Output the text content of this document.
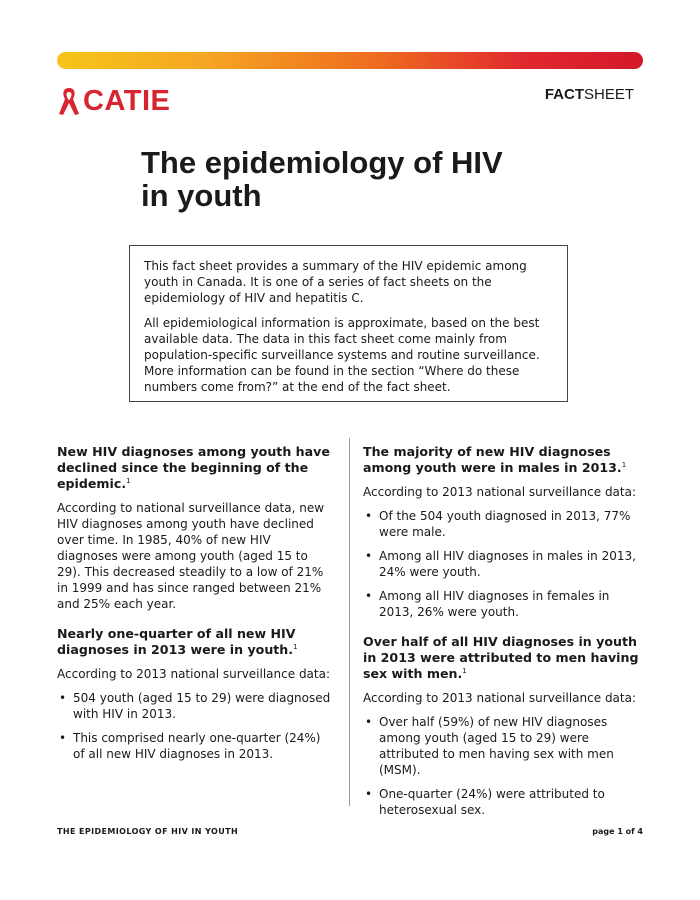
CATIE	FACTSHEET
The epidemiology of HIV
in youth

This fact sheet provides a summary of the HIV epidemic among youth in Canada. It is one of a series of fact sheets on the epidemiology of HIV and hepatitis C.

All epidemiological information is approximate, based on the best available data. The data in this fact sheet come mainly from population-specific surveillance systems and routine surveillance. More information can be found in the section “Where do these numbers come from?” at the end of the fact sheet.

New HIV diagnoses among youth have declined since the beginning of the epidemic.$^1$

According to national surveillance data, new HIV diagnoses among youth have declined over time. In 1985, 40% of new HIV diagnoses were among youth (aged 15 to 29). This decreased steadily to a low of 21% in 1999 and has since ranged between 21% and 25% each year.

Nearly one-quarter of all new HIV diagnoses in 2013 were in youth.$^1$

According to 2013 national surveillance data:

• 504 youth (aged 15 to 29) were diagnosed with HIV in 2013.
• This comprised nearly one-quarter (24%) of all new HIV diagnoses in 2013.
The majority of new HIV diagnoses among youth were in males in 2013.$^1$

According to 2013 national surveillance data:

• Of the 504 youth diagnosed in 2013, 77% were male.
• Among all HIV diagnoses in males in 2013, 24% were youth.
• Among all HIV diagnoses in females in 2013, 26% were youth.
Over half of all HIV diagnoses in youth in 2013 were attributed to men having sex with men.$^1$

According to 2013 national surveillance data:

• Over half (59%) of new HIV diagnoses among youth (aged 15 to 29) were attributed to men having sex with men (MSM).
• One-quarter (24%) were attributed to heterosexual sex.
THE EPIDEMIOLOGY OF HIV IN YOUTH	page 1 of 4
